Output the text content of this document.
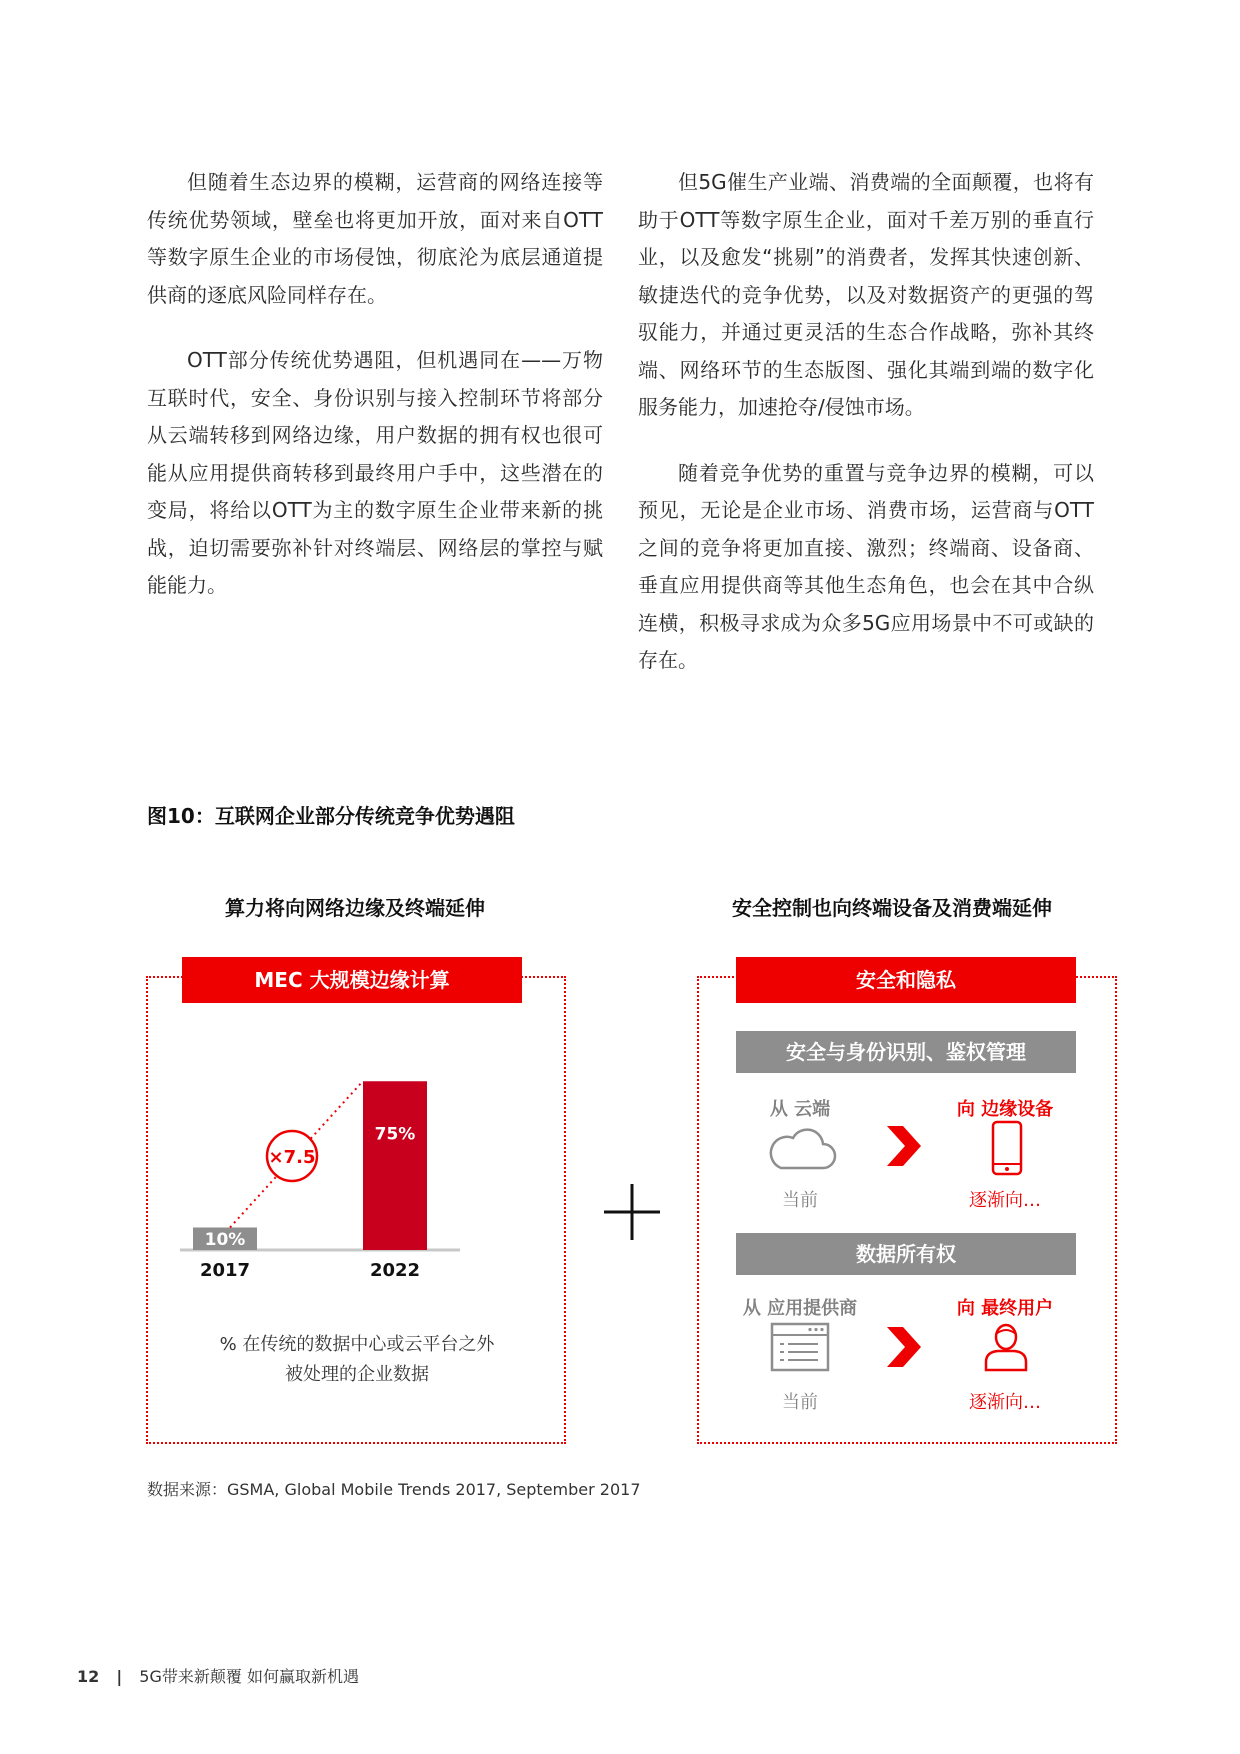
但随着生态边界的模糊，运营商的网络连接等传统优势领域，壁垒也将更加开放，面对来自OTT等数字原生企业的市场侵蚀，彻底沦为底层通道提供商的逐底风险同样存在。

OTT部分传统优势遇阻，但机遇同在——万物互联时代，安全、身份识别与接入控制环节将部分从云端转移到网络边缘，用户数据的拥有权也很可能从应用提供商转移到最终用户手中，这些潜在的变局，将给以OTT为主的数字原生企业带来新的挑战，迫切需要弥补针对终端层、网络层的掌控与赋能能力。

但5G催生产业端、消费端的全面颠覆，也将有助于OTT等数字原生企业，面对千差万别的垂直行业，以及愈发“挑剔”的消费者，发挥其快速创新、敏捷迭代的竞争优势，以及对数据资产的更强的驾驭能力，并通过更灵活的生态合作战略，弥补其终端、网络环节的生态版图、强化其端到端的数字化服务能力，加速抢夺/侵蚀市场。

随着竞争优势的重置与竞争边界的模糊，可以预见，无论是企业市场、消费市场，运营商与OTT之间的竞争将更加直接、激烈；终端商、设备商、垂直应用提供商等其他生态角色，也会在其中合纵连横，积极寻求成为众多5G应用场景中不可或缺的存在。

图10：互联网企业部分传统竞争优势遇阻
算力将向网络边缘及终端延伸	安全控制也向终端设备及消费端延伸
MEC 大规模边缘计算	安全和隐私
10%
2017
75%
2022
×7.5
% 在传统的数据中心或云平台之外
被处理的企业数据
安全与身份识别、鉴权管理
从 云端	向 边缘设备
当前	逐渐向…
数据所有权
从 应用提供商	向 最终用户
当前	逐渐向…
数据来源：GSMA, Global Mobile Trends 2017, September 2017
12 | 5G带来新颠覆 如何赢取新机遇
